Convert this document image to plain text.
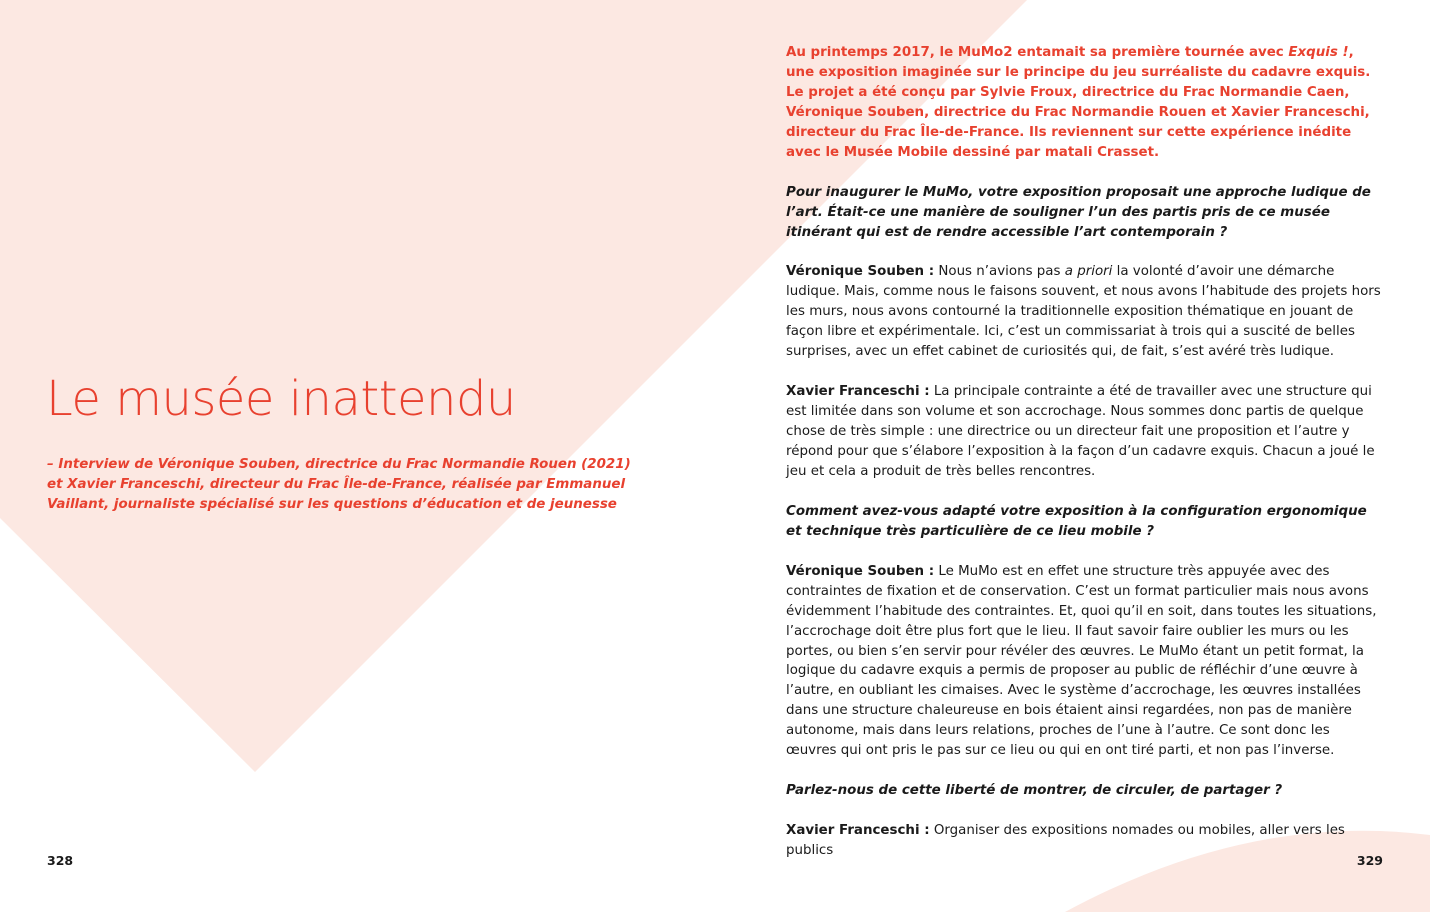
Le musée inattendu

– Interview de Véronique Souben, directrice du Frac Normandie Rouen (2021) et Xavier Franceschi, directeur du Frac Île-de-France, réalisée par Emmanuel Vaillant, journaliste spécialisé sur les questions d’éducation et de jeunesse

328

Au printemps 2017, le MuMo2 entamait sa première tournée avec Exquis !, une exposition imaginée sur le principe du jeu surréaliste du cadavre exquis. Le projet a été conçu par Sylvie Froux, directrice du Frac Normandie Caen, Véronique Souben, directrice du Frac Normandie Rouen et Xavier Franceschi, directeur du Frac Île-de-France. Ils reviennent sur cette expérience inédite avec le Musée Mobile dessiné par matali Crasset.

Pour inaugurer le MuMo, votre exposition proposait une approche ludique de l’art. Était-ce une manière de souligner l’un des partis pris de ce musée itinérant qui est de rendre accessible l’art contemporain ?

Véronique Souben : Nous n’avions pas a priori la volonté d’avoir une démarche ludique. Mais, comme nous le faisons souvent, et nous avons l’habitude des projets hors les murs, nous avons contourné la traditionnelle exposition thématique en jouant de façon libre et expérimentale. Ici, c’est un commissariat à trois qui a suscité de belles surprises, avec un effet cabinet de curiosités qui, de fait, s’est avéré très ludique.

Xavier Franceschi : La principale contrainte a été de travailler avec une structure qui est limitée dans son volume et son accrochage. Nous sommes donc partis de quelque chose de très simple : une directrice ou un directeur fait une proposition et l’autre y répond pour que s’élabore l’exposition à la façon d’un cadavre exquis. Chacun a joué le jeu et cela a produit de très belles rencontres.

Comment avez-vous adapté votre exposition à la configuration ergonomique et technique très particulière de ce lieu mobile ?

Véronique Souben : Le MuMo est en effet une structure très appuyée avec des contraintes de fixation et de conservation. C’est un format particulier mais nous avons évidemment l’habitude des contraintes. Et, quoi qu’il en soit, dans toutes les situations, l’accrochage doit être plus fort que le lieu. Il faut savoir faire oublier les murs ou les portes, ou bien s’en servir pour révéler des œuvres. Le MuMo étant un petit format, la logique du cadavre exquis a permis de proposer au public de réfléchir d’une œuvre à l’autre, en oubliant les cimaises. Avec le système d’accrochage, les œuvres installées dans une structure chaleureuse en bois étaient ainsi regardées, non pas de manière autonome, mais dans leurs relations, proches de l’une à l’autre. Ce sont donc les œuvres qui ont pris le pas sur ce lieu ou qui en ont tiré parti, et non pas l’inverse.

Parlez-nous de cette liberté de montrer, de circuler, de partager ?

Xavier Franceschi : Organiser des expositions nomades ou mobiles, aller vers les publics

329
